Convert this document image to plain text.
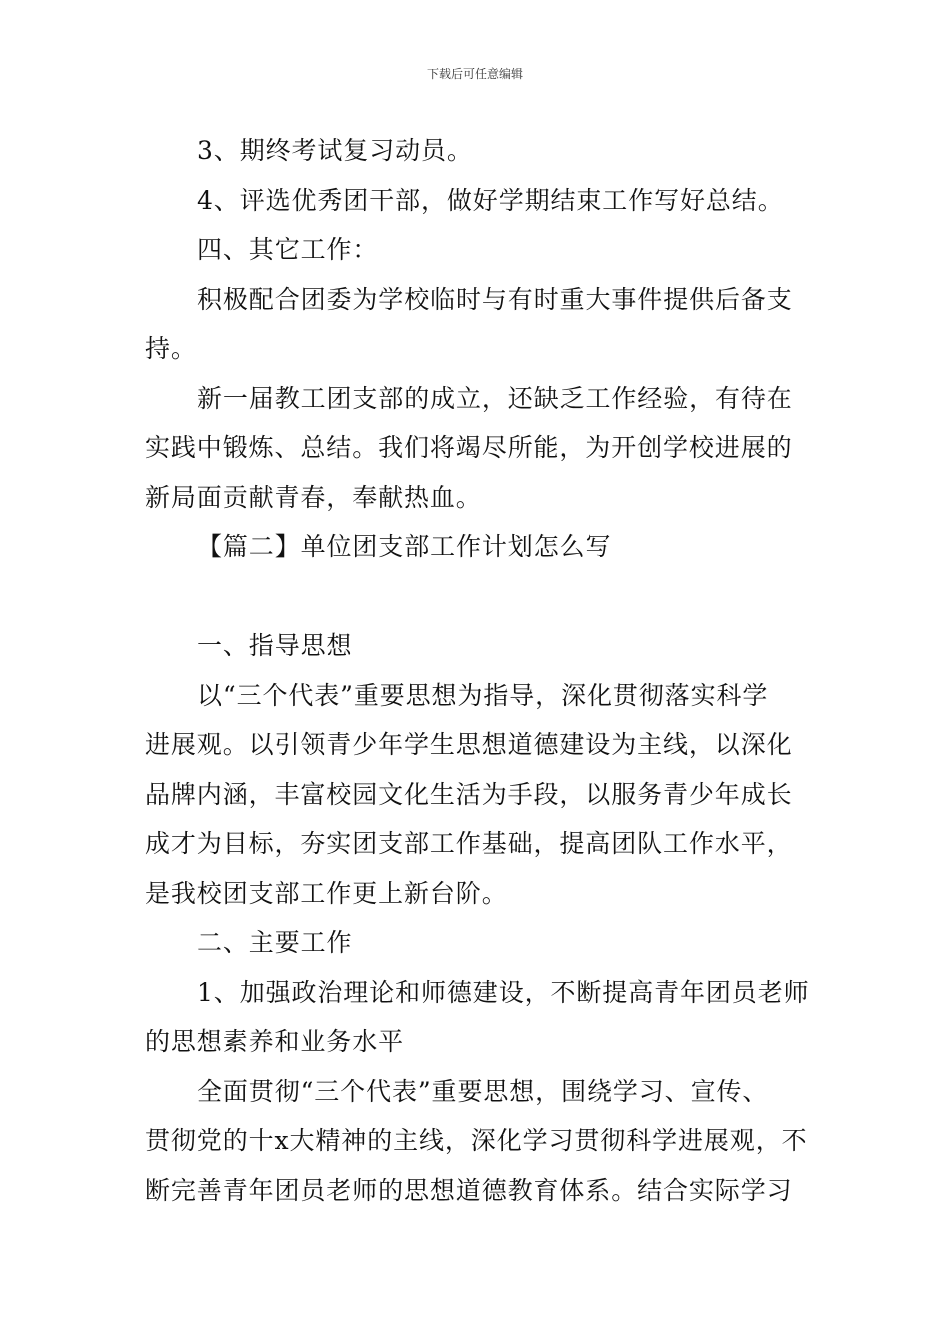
下载后可任意编辑

3、期终考试复习动员。

4、评选优秀团干部，做好学期结束工作写好总结。

四、其它工作：

积极配合团委为学校临时与有时重大事件提供后备支

持。

新一届教工团支部的成立，还缺乏工作经验，有待在

实践中锻炼、总结。我们将竭尽所能，为开创学校进展的

新局面贡献青春，奉献热血。

【篇二】单位团支部工作计划怎么写

一、指导思想

以“三个代表”重要思想为指导，深化贯彻落实科学

进展观。以引领青少年学生思想道德建设为主线，以深化

品牌内涵，丰富校园文化生活为手段，以服务青少年成长

成才为目标，夯实团支部工作基础，提高团队工作水平，

是我校团支部工作更上新台阶。

二、主要工作

1、加强政治理论和师德建设，不断提高青年团员老师

的思想素养和业务水平

全面贯彻“三个代表”重要思想，围绕学习、宣传、

贯彻党的十x大精神的主线，深化学习贯彻科学进展观，不

断完善青年团员老师的思想道德教育体系。结合实际学习
